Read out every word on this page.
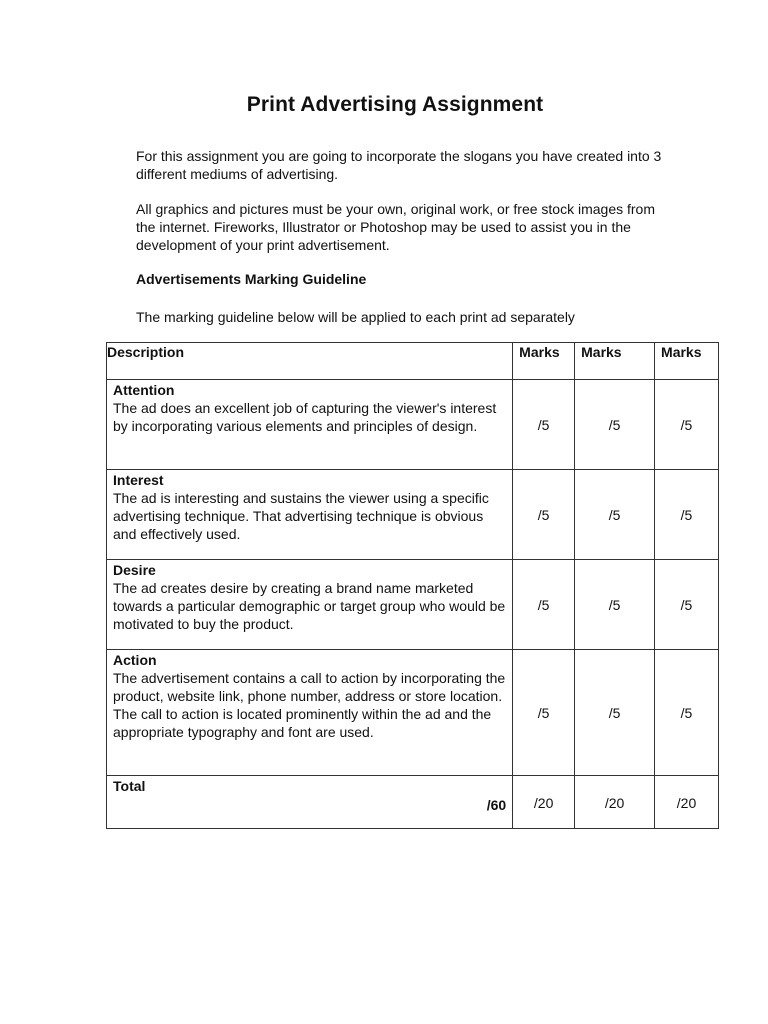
Print Advertising Assignment

For this assignment you are going to incorporate the slogans you have created into 3 different mediums of advertising.

All graphics and pictures must be your own, original work, or free stock images from the internet. Fireworks, Illustrator or Photoshop may be used to assist you in the development of your print advertisement.

Advertisements Marking Guideline

The marking guideline below will be applied to each print ad separately

Description	Marks	Marks	Marks

Attention
The ad does an excellent job of capturing the viewer's interest by incorporating various elements and principles of design.	/5	/5	/5

Interest
The ad is interesting and sustains the viewer using a specific advertising technique. That advertising technique is obvious and effectively used.	/5	/5	/5

Desire
The ad creates desire by creating a brand name marketed towards a particular demographic or target group who would be motivated to buy the product.	/5	/5	/5

Action
The advertisement contains a call to action by incorporating the product, website link, phone number, address or store location. The call to action is located prominently within the ad and the appropriate typography and font are used.	/5	/5	/5

Total
/60	/20	/20	/20
